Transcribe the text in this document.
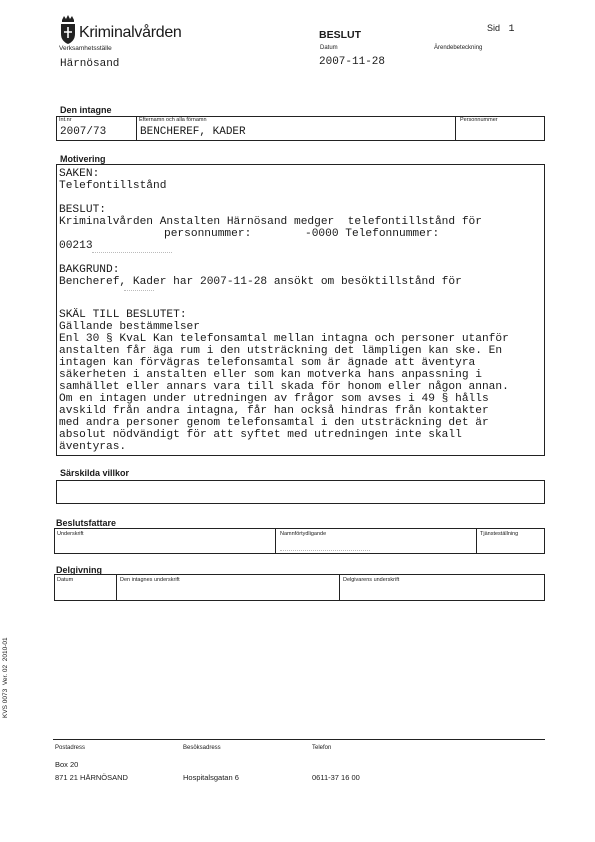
Kriminalvården
Verksamhetsställe
Härnösand
BESLUT
Datum
2007-11-28
Ärendebeteckning
Sid 1
Den intagne
Int.nr
2007/73
Efternamn och alla förnamn
BENCHEREF, KADER
Personnummer
Motivering
SAKEN:
Telefontillstånd
BESLUT:
Kriminalvården Anstalten Härnösand medger  telefontillstånd för
personnummer:        -0000 Telefonnummer:
00213
BAKGRUND:
Bencheref, Kader har 2007-11-28 ansökt om besöktillstånd för
SKÄL TILL BESLUTET:
Gällande bestämmelser
Enl 30 § KvaL Kan telefonsamtal mellan intagna och personer utanför
anstalten får äga rum i den utsträckning det lämpligen kan ske. En
intagen kan förvägras telefonsamtal som är ägnade att äventyra
säkerheten i anstalten eller som kan motverka hans anpassning i
samhället eller annars vara till skada för honom eller någon annan.
Om en intagen under utredningen av frågor som avses i 49 § hålls
avskild från andra intagna, får han också hindras från kontakter
med andra personer genom telefonsamtal i den utsträckning det är
absolut nödvändigt för att syftet med utredningen inte skall
äventyras.
Särskilda villkor
Beslutsfattare
Underskrift	Namnförtydligande	Tjänsteställning
Delgivning
Datum	Den intagnes underskrift	Delgivarens underskrift
KVS 0073  Ver. 02  2010-01
Postadress
Box 20
871 21 HÄRNÖSAND
Besöksadress
Hospitalsgatan 6
Telefon
0611-37 16 00
